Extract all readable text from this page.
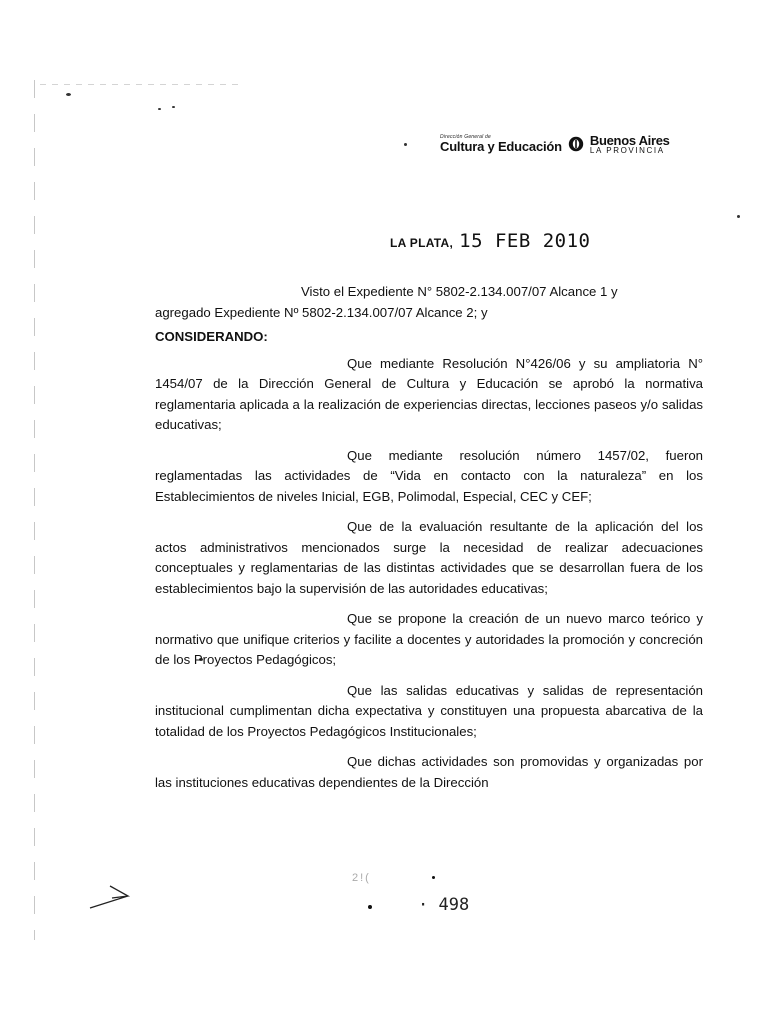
Dirección General de
Cultura y Educación Buenos Aires
LA PROVINCIA
LA PLATA, 15 FEB 2010

Visto el Expediente N° 5802-2.134.007/07 Alcance 1 y
agregado Expediente Nº 5802-2.134.007/07 Alcance 2; y

CONSIDERANDO:

Que mediante Resolución N°426/06 y su ampliatoria N° 1454/07 de la Dirección General de Cultura y Educación se aprobó la normativa reglamentaria aplicada a la realización de experiencias directas, lecciones paseos y/o salidas educativas;

Que mediante resolución número 1457/02, fueron reglamentadas las actividades de “Vida en contacto con la naturaleza” en los Establecimientos de niveles Inicial, EGB, Polimodal, Especial, CEC y CEF;

Que de la evaluación resultante de la aplicación del los actos administrativos mencionados surge la necesidad de realizar adecuaciones conceptuales y reglamentarias de las distintas actividades que se desarrollan fuera de los establecimientos bajo la supervisión de las autoridades educativas;

Que se propone la creación de un nuevo marco teórico y normativo que unifique criterios y facilite a docentes y autoridades la promoción y concreción de los Proyectos Pedagógicos;

Que las salidas educativas y salidas de representación institucional cumplimentan dicha expectativa y constituyen una propuesta abarcativa de la totalidad de los Proyectos Pedagógicos Institucionales;

Que dichas actividades son promovidas y organizadas por las instituciones educativas dependientes de la Dirección

2!(
· 498
